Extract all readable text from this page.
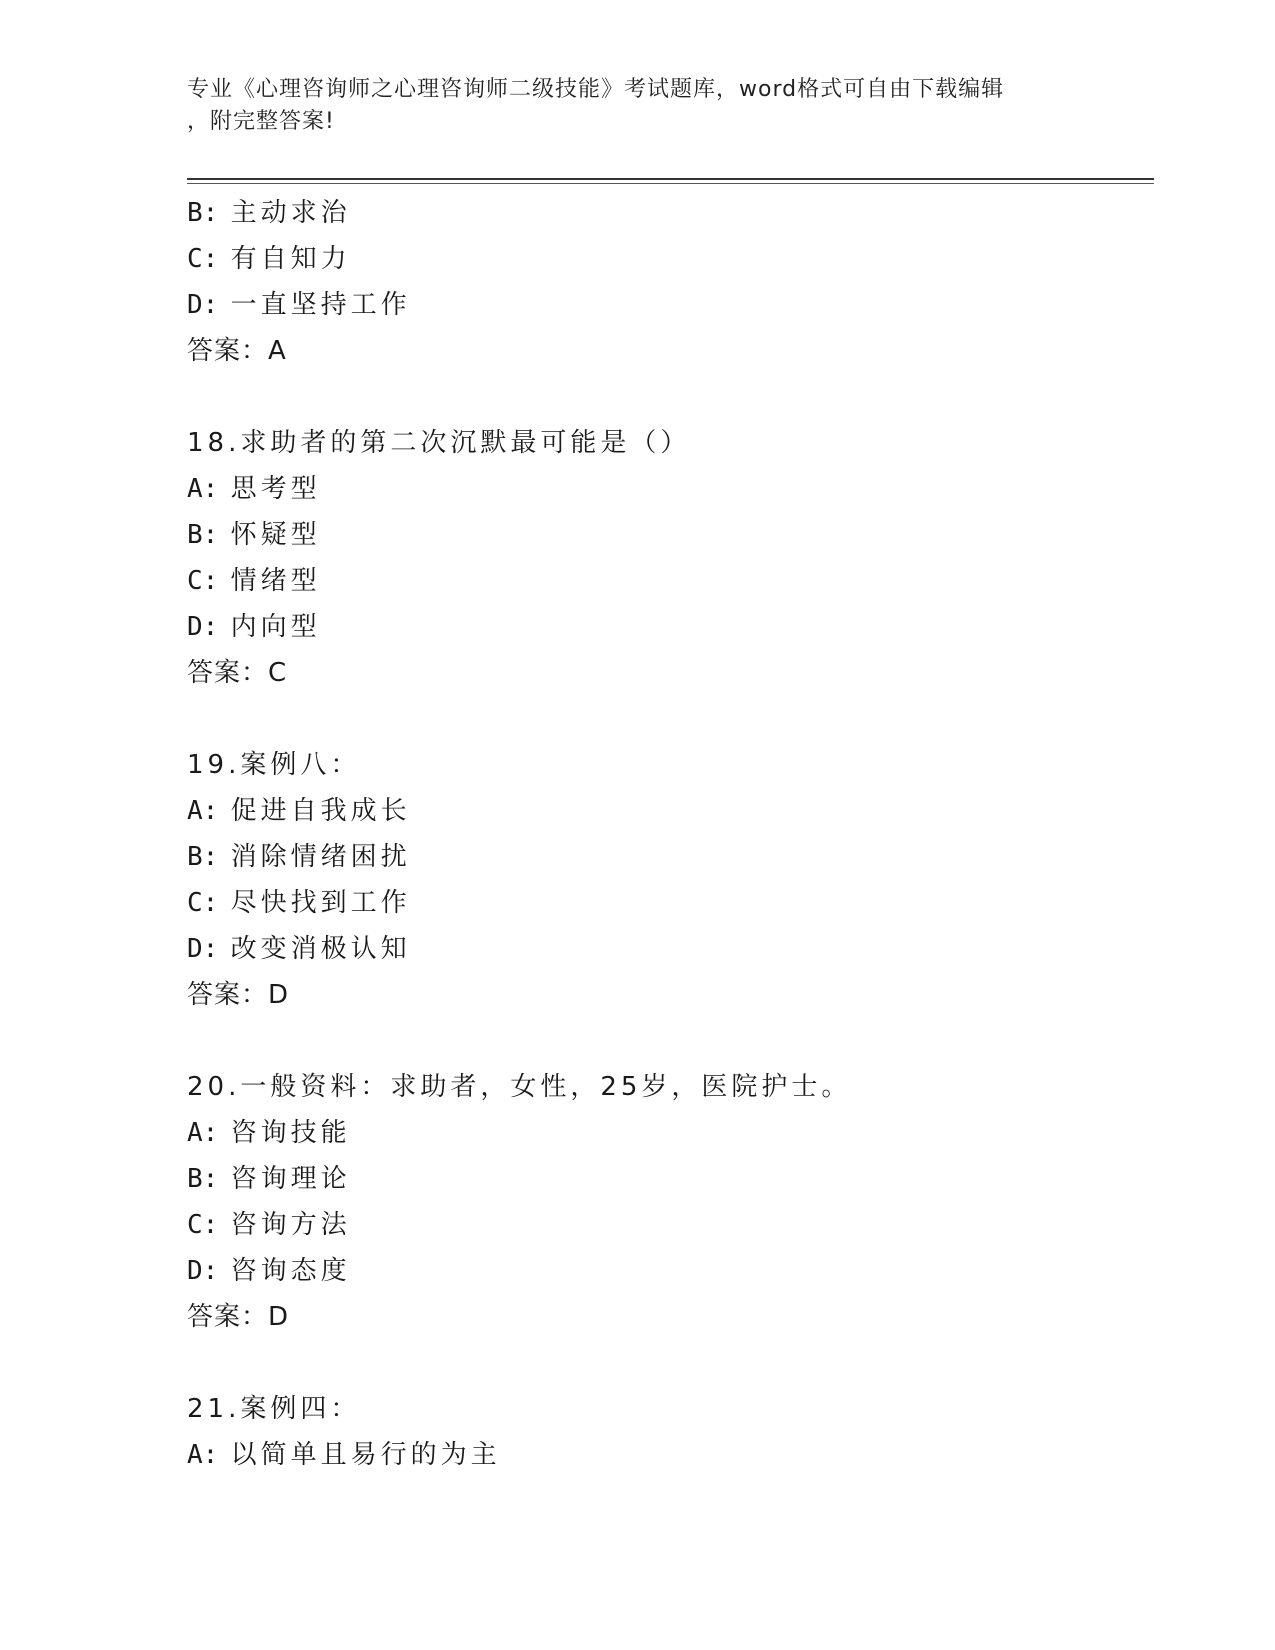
专业《心理咨询师之心理咨询师二级技能》考试题库，word格式可自由下载编辑
，附完整答案!
B: 主动求治
C: 有自知力
D: 一直坚持工作
答案：A
18.求助者的第二次沉默最可能是（）
A: 思考型
B: 怀疑型
C: 情绪型
D: 内向型
答案：C
19.案例八：
A: 促进自我成长
B: 消除情绪困扰
C: 尽快找到工作
D: 改变消极认知
答案：D
20.一般资料：求助者，女性，25岁，医院护士。
A: 咨询技能
B: 咨询理论
C: 咨询方法
D: 咨询态度
答案：D
21.案例四：
A: 以简单且易行的为主
